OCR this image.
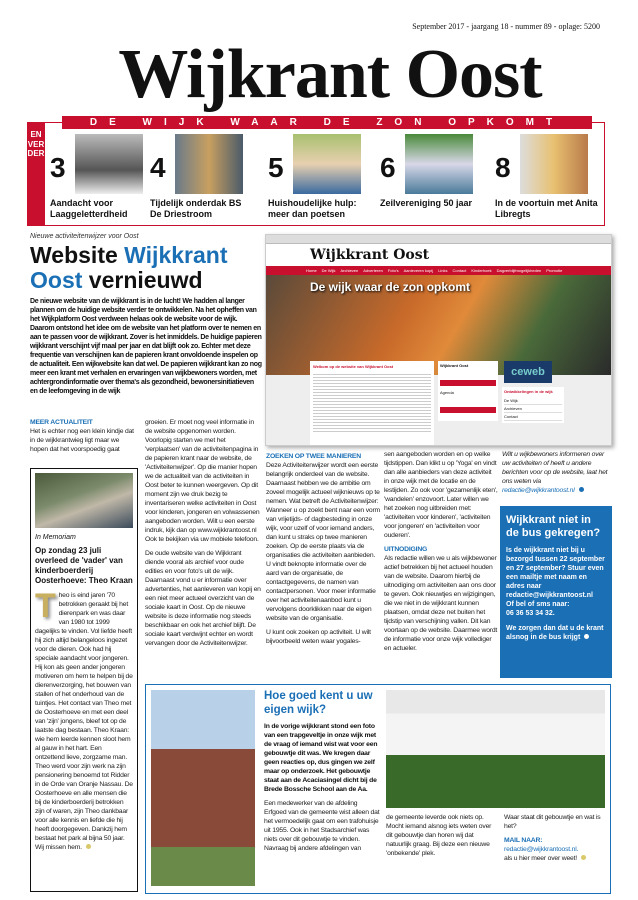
September 2017 - jaargang 18 - nummer 89 - oplage: 5200
Wijkrant Oost
DE WIJK WAAR DE ZON OPKOMT
EN VERDER 3
Aandacht voor Laaggeletterdheid
4
Tijdelijk onderdak BS De Driestroom
5
Huishoudelijke hulp: meer dan poetsen
6
Zeilvereniging 50 jaar
8
In de voortuin met Anita Libregts
Nieuwe activiteitenwijzer voor Oost
Website Wijkkrant Oost vernieuwd
Wijkkrant Oost
Home De Wijk Archieven Adverteren Foto's Aanleveren kopij Links Contact Kinderhoek Dagverblijfmogelijkheden Promotie
De wijk waar de zon opkomt
Welkom op de website van Wijkkrant Oost	Wijkkrant Oost
Agenda
ceweb
Ontwikkelingen in de wijk
De Wijk
Archieven
Contact
De nieuwe website van de wijkkrant is in de lucht! We hadden al langer plannen om de huidige website verder te ontwikkelen. Na het opheffen van het Wijkplatform Oost verdween helaas ook de website voor de wijk. Daarom ontstond het idee om de website van het platform over te nemen en aan te passen voor de wijkkrant. Zover is het inmiddels. De huidige papieren wijkkrant verschijnt vijf maal per jaar en dat blijft ook zo. Echter met deze frequentie van verschijnen kan de papieren krant onvoldoende inspelen op de actualiteit. Een wijkwebsite kan dat wel. De papieren wijkkrant kan zo nog meer een krant met verhalen en ervaringen van wijkbewoners worden, met achtergrondinformatie over thema's als gezondheid, bewonersinitiatieven en de leefomgeving in de wijk
MEER ACTUALITEIT
Het is echter nog een klein kindje dat in de wijkkrantwieg ligt maar we hopen dat het voorspoedig gaat
In Memoriam
Op zondag 23 juli overleed de 'vader' van kinderboerderij Oosterhoeve: Theo Kraan
Theo is eind jaren '70 betrokken geraakt bij het dierenpark en was daar van 1980 tot 1999 dagelijks te vinden. Vol liefde heeft hij zich altijd belangeloos ingezet voor de dieren. Ook had hij speciale aandacht voor jongeren. Hij kon als geen ander jongeren motiveren om hem te helpen bij de dierenverzorging, het bouwen van stallen of het onderhoud van de tuintjes. Het contact van Theo met de Oosterhoeve en met een deel van 'zijn' jongens, bleef tot op de laatste dag bestaan. Theo Kraan: wie hem leerde kennen sloot hem al gauw in het hart. Een ontzettend lieve, zorgzame man.
Theo werd voor zijn werk na zijn pensionering benoemd tot Ridder in de Orde van Oranje Nassau. De Oosterhoeve en alle mensen die bij de kinderboerderij betrokken zijn of waren, zijn Theo dankbaar voor alle kennis en liefde die hij heeft doorgegeven. Dankzij hem bestaat het park al bijna 50 jaar.
Wij missen hem.

groeien. Er moet nog veel informatie in de website opgenomen worden. Voorlopig starten we met het 'verplaatsen' van de activiteitenpagina in de papieren krant naar de website, de 'Activiteitenwijzer'. Op die manier hopen we de actualiteit van de activiteiten in Oost beter te kunnen weergeven. Op dit moment zijn we druk bezig te inventariseren welke activiteiten in Oost voor kinderen, jongeren en volwassenen aangeboden worden. Wilt u een eerste indruk, kijk dan op www.wijkkrantoost.nl Ook te bekijken via uw mobiele telefoon.

De oude website van de Wijkkrant diende vooral als archief voor oude edities en voor foto's uit de wijk. Daarnaast vond u er informatie over advertenties, het aanleveren van kopij en een niet meer actueel overzicht van de sociale kaart in Oost. Op de nieuwe website is deze informatie nog steeds beschikbaar en ook het archief blijft. De sociale kaart verdwijnt echter en wordt vervangen door de Activiteitenwijzer.

ZOEKEN OP TWEE MANIEREN

Deze Activiteitenwijzer wordt een eerste belangrijk onderdeel van de website. Daarnaast hebben we de ambitie om zoveel mogelijk actueel wijknieuws op te nemen. Wat betreft de Activiteitenwijzer: Wanneer u op zoekt bent naar een vorm van vrijetijds- of dagbesteding in onze wijk, voor uzelf of voor iemand anders, dan kunt u straks op twee manieren zoeken. Op de eerste plaats via de organisaties die activiteiten aanbieden. U vindt beknopte informatie over de aard van de organisatie, de contactgegevens, de namen van contactpersonen. Voor meer informatie over het activiteitenaanbod kunt u vervolgens doorklikken naar de eigen website van de organisatie.

U kunt ook zoeken op activiteit. U wilt bijvoorbeeld weten waar yogales-

sen aangeboden worden en op welke tijdstippen. Dan klikt u op 'Yoga' en vindt dan alle aanbieders van deze activiteit in onze wijk met de locatie en de lestijden. Zo ook voor 'gezamenlijk eten', 'wandelen' enzovoort. Later willen we het zoeken nog uitbreiden met: 'activiteiten voor kinderen', 'activiteiten voor jongeren' en 'activiteiten voor ouderen'.

UITNODIGING

Als redactie willen we u als wijkbewoner actief betrekken bij het actueel houden van de website. Daarom hierbij de uitnodiging om activiteiten aan ons door te geven. Ook nieuwtjes en wijzigingen, die we niet in de wijkkrant kunnen plaatsen, omdat deze net buiten het tijdstip van verschijning vallen. Dit kan voortaan op de website. Daarmee wordt de informatie voor onze wijk vollediger en actueler.

Wilt u wijkbewoners informeren over uw activiteiten of heeft u andere berichten voor op de website, laat het ons weten via redactie@wijkkrantoost.nl
Wijkkrant niet in de bus gekregen?
Is de wijkkrant niet bij u bezorgd tussen 22 september en 27 september? Stuur even een mailtje met naam en adres naar redactie@wijkkrantoost.nl
Of bel of sms naar:
06 36 53 34 32.
We zorgen dan dat u de krant alsnog in de bus krijgt
Hoe goed kent u uw eigen wijk?

In de vorige wijkkrant stond een foto van een trapgeveltje in onze wijk met de vraag of iemand wist wat voor een gebouwtje dit was. We kregen daar geen reacties op, dus gingen we zelf maar op onderzoek. Het gebouwtje staat aan de Acaciasingel dicht bij de Brede Bossche School aan de Aa.

Een medewerker van de afdeling Erfgoed van de gemeente wist alleen dat het vermoedelijk gaat om een trafohuisje uit 1955. Ook in het Stadsarchief was niets over dit gebouwtje te vinden. Navraag bij andere afdelingen van

de gemeente leverde ook niets op. Mocht iemand alsnog iets weten over dit gebouwtje dan horen wij dat natuurlijk graag. Bij deze een nieuwe 'onbekende' plek.

Waar staat dit gebouwtje en wat is het?

MAIL NAAR:
redactie@wijkkrantoost.nl.
als u hier meer over weet!
